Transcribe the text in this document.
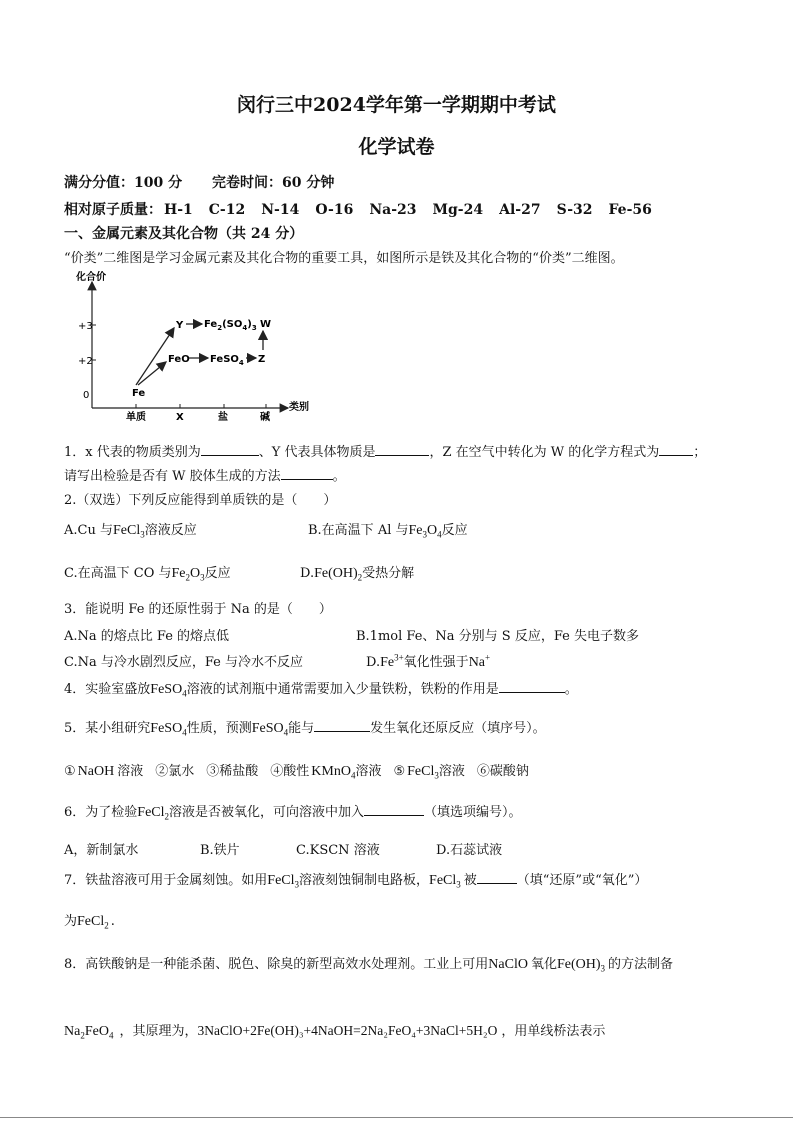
闵行三中2024学年第一学期期中考试
化学试卷
满分分值：100 分 完卷时间：60 分钟
相对原子质量： H-1 C-12 N-14 O-16 Na-23 Mg-24 Al-27 S-32 Fe-56
一、金属元素及其化合物（共 24 分）
“价类”二维图是学习金属元素及其化合物的重要工具，如图所示是铁及其化合物的“价类”二维图。
化合价
类别
+3
+2
0
单质	X	盐	碱
Fe
Y
FeO FeSO$_4$
$Fe_2(SO_4)_3$ W
Z
1．x 代表的物质类别为	、Y 代表具体物质是	，Z 在空气中转化为 W 的化学方程式为	；
请写出检验是否有 W 胶体生成的方法	。
2.（双选）下列反应能得到单质铁的是（　　）
A.Cu 与FeCl$_3$溶液反应	B.在高温下 Al 与$Fe_3O_4$反应
C.在高温下 CO 与$Fe_2O_3$反应	$D.Fe(OH)_2$受热分解
3．能说明 Fe 的还原性弱于 Na 的是（　　）
A.Na 的熔点比 Fe 的熔点低	B.1mol Fe、Na 分别与 S 反应，Fe 失电子数多
C.Na 与冷水剧烈反应，Fe 与冷水不反应	$D.Fe^{3+}$氧化性强于Na+
4．实验室盛放FeSO$_4$溶液的试剂瓶中通常需要加入少量铁粉，铁粉的作用是	。
5．某小组研究FeSO$_4$性质，预测FeSO$_4$能与	发生氧化还原反应（填序号）。
① NaOH 溶液 ②氯水 ③稀盐酸 ④酸性 KMnO$_4$溶液 ⑤ FeCl$_3$溶液 ⑥碳酸钠
6．为了检验FeCl$_2$溶液是否被氧化，可向溶液中加入	（填选项编号）。
A，新制氯水	B.铁片	C.KSCN 溶液	D.石蕊试液
7．铁盐溶液可用于金属刻蚀。如用FeCl$_3$溶液刻蚀铜制电路板，FeCl$_3$ 被	（填“还原”或“氧化”）
为FeCl$_2$ .
8．高铁酸钠是一种能杀菌、脱色、除臭的新型高效水处理剂。工业上可用NaClO 氧化$Fe(OH)_3$ 的方法制备
$Na_2FeO_4$ ，其原理为，3NaClO+2Fe(OH)₃+4NaOH=2Na₂FeO₄+3NaCl+5H₂O ，用单线桥法表示
